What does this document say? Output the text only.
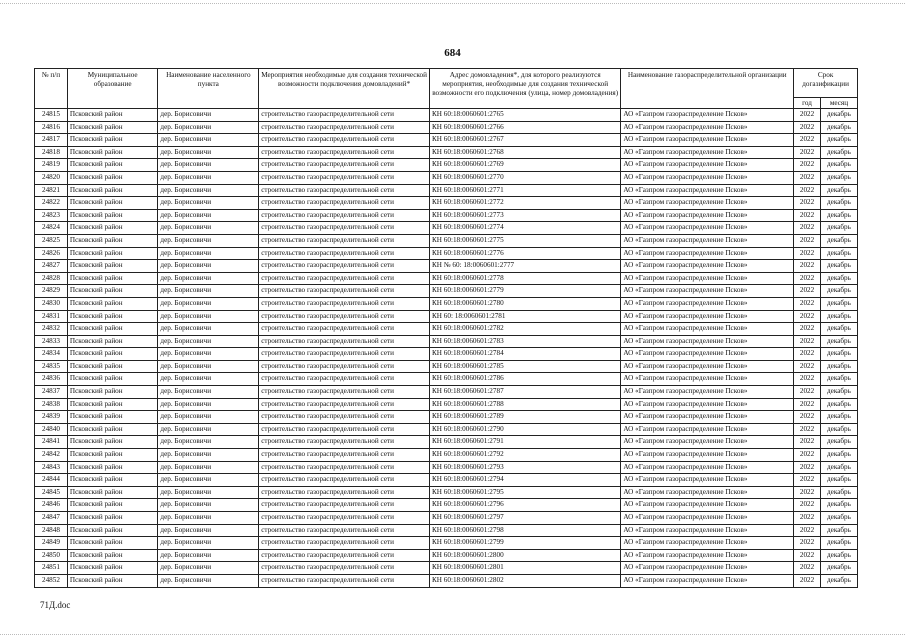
684
№ п/п	Муниципальное образование	Наименование населенного пункта	Мероприятия необходимые для создания технической возможности подключения домовладений*	Адрес домовладения*, для которого реализуются мероприятия, необходимые для создания технической возможности его подключения (улица, номер домовладения)	Наименование газораспределительной организации	Срок догазификации	
						год	месяц
24815	Псковский район	дер. Борисовичи	строительство газораспределительной сети	КН 60:18:0060601:2765	АО «Газпром газораспределение Псков»	2022	декабрь
24816	Псковский район	дер. Борисовичи	строительство газораспределительной сети	КН 60:18:0060601:2766	АО «Газпром газораспределение Псков»	2022	декабрь
24817	Псковский район	дер. Борисовичи	строительство газораспределительной сети	КН 60:18:0060601:2767	АО «Газпром газораспределение Псков»	2022	декабрь
24818	Псковский район	дер. Борисовичи	строительство газораспределительной сети	КН 60:18:0060601:2768	АО «Газпром газораспределение Псков»	2022	декабрь
24819	Псковский район	дер. Борисовичи	строительство газораспределительной сети	КН 60:18:0060601:2769	АО «Газпром газораспределение Псков»	2022	декабрь
24820	Псковский район	дер. Борисовичи	строительство газораспределительной сети	КН 60:18:0060601:2770	АО «Газпром газораспределение Псков»	2022	декабрь
24821	Псковский район	дер. Борисовичи	строительство газораспределительной сети	КН 60:18:0060601:2771	АО «Газпром газораспределение Псков»	2022	декабрь
24822	Псковский район	дер. Борисовичи	строительство газораспределительной сети	КН 60:18:0060601:2772	АО «Газпром газораспределение Псков»	2022	декабрь
24823	Псковский район	дер. Борисовичи	строительство газораспределительной сети	КН 60:18:0060601:2773	АО «Газпром газораспределение Псков»	2022	декабрь
24824	Псковский район	дер. Борисовичи	строительство газораспределительной сети	КН 60:18:0060601:2774	АО «Газпром газораспределение Псков»	2022	декабрь
24825	Псковский район	дер. Борисовичи	строительство газораспределительной сети	КН 60:18:0060601:2775	АО «Газпром газораспределение Псков»	2022	декабрь
24826	Псковский район	дер. Борисовичи	строительство газораспределительной сети	КН 60:18:0060601:2776	АО «Газпром газораспределение Псков»	2022	декабрь
24827	Псковский район	дер. Борисовичи	строительство газораспределительной сети	КН № 60: 18:0060601:2777	АО «Газпром газораспределение Псков»	2022	декабрь
24828	Псковский район	дер. Борисовичи	строительство газораспределительной сети	КН 60:18:0060601:2778	АО «Газпром газораспределение Псков»	2022	декабрь
24829	Псковский район	дер. Борисовичи	строительство газораспределительной сети	КН 60:18:0060601:2779	АО «Газпром газораспределение Псков»	2022	декабрь
24830	Псковский район	дер. Борисовичи	строительство газораспределительной сети	КН 60:18:0060601:2780	АО «Газпром газораспределение Псков»	2022	декабрь
24831	Псковский район	дер. Борисовичи	строительство газораспределительной сети	КН 60: 18:0060601:2781	АО «Газпром газораспределение Псков»	2022	декабрь
24832	Псковский район	дер. Борисовичи	строительство газораспределительной сети	КН 60:18:0060601:2782	АО «Газпром газораспределение Псков»	2022	декабрь
24833	Псковский район	дер. Борисовичи	строительство газораспределительной сети	КН 60:18:0060601:2783	АО «Газпром газораспределение Псков»	2022	декабрь
24834	Псковский район	дер. Борисовичи	строительство газораспределительной сети	КН 60:18:0060601:2784	АО «Газпром газораспределение Псков»	2022	декабрь
24835	Псковский район	дер. Борисовичи	строительство газораспределительной сети	КН 60:18:0060601:2785	АО «Газпром газораспределение Псков»	2022	декабрь
24836	Псковский район	дер. Борисовичи	строительство газораспределительной сети	КН 60:18:0060601:2786	АО «Газпром газораспределение Псков»	2022	декабрь
24837	Псковский район	дер. Борисовичи	строительство газораспределительной сети	КН 60:18:0060601:2787	АО «Газпром газораспределение Псков»	2022	декабрь
24838	Псковский район	дер. Борисовичи	строительство газораспределительной сети	КН 60:18:0060601:2788	АО «Газпром газораспределение Псков»	2022	декабрь
24839	Псковский район	дер. Борисовичи	строительство газораспределительной сети	КН 60:18:0060601:2789	АО «Газпром газораспределение Псков»	2022	декабрь
24840	Псковский район	дер. Борисовичи	строительство газораспределительной сети	КН 60:18:0060601:2790	АО «Газпром газораспределение Псков»	2022	декабрь
24841	Псковский район	дер. Борисовичи	строительство газораспределительной сети	КН 60:18:0060601:2791	АО «Газпром газораспределение Псков»	2022	декабрь
24842	Псковский район	дер. Борисовичи	строительство газораспределительной сети	КН 60:18:0060601:2792	АО «Газпром газораспределение Псков»	2022	декабрь
24843	Псковский район	дер. Борисовичи	строительство газораспределительной сети	КН 60:18:0060601:2793	АО «Газпром газораспределение Псков»	2022	декабрь
24844	Псковский район	дер. Борисовичи	строительство газораспределительной сети	КН 60:18:0060601:2794	АО «Газпром газораспределение Псков»	2022	декабрь
24845	Псковский район	дер. Борисовичи	строительство газораспределительной сети	КН 60:18:0060601:2795	АО «Газпром газораспределение Псков»	2022	декабрь
24846	Псковский район	дер. Борисовичи	строительство газораспределительной сети	КН 60:18:0060601:2796	АО «Газпром газораспределение Псков»	2022	декабрь
24847	Псковский район	дер. Борисовичи	строительство газораспределительной сети	КН 60:18:0060601:2797	АО «Газпром газораспределение Псков»	2022	декабрь
24848	Псковский район	дер. Борисовичи	строительство газораспределительной сети	КН 60:18:0060601:2798	АО «Газпром газораспределение Псков»	2022	декабрь
24849	Псковский район	дер. Борисовичи	строительство газораспределительной сети	КН 60:18:0060601:2799	АО «Газпром газораспределение Псков»	2022	декабрь
24850	Псковский район	дер. Борисовичи	строительство газораспределительной сети	КН 60:18:0060601:2800	АО «Газпром газораспределение Псков»	2022	декабрь
24851	Псковский район	дер. Борисовичи	строительство газораспределительной сети	КН 60:18:0060601:2801	АО «Газпром газораспределение Псков»	2022	декабрь
24852	Псковский район	дер. Борисовичи	строительство газораспределительной сети	КН 60:18:0060601:2802	АО «Газпром газораспределение Псков»	2022	декабрь
71Д.doc
